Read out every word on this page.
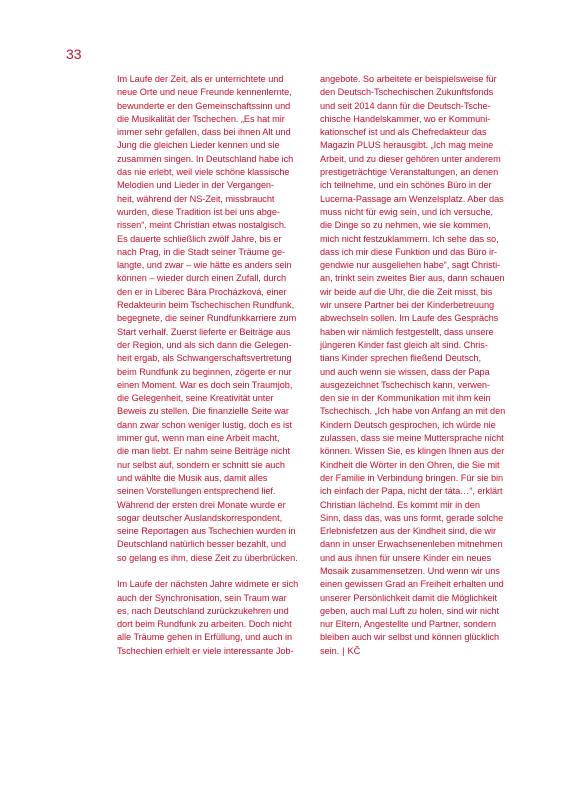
33

Im Laufe der Zeit, als er unterrichtete und

neue Orte und neue Freunde kennenlernte,

bewunderte er den Gemeinschaftssinn und

die Musikalität der Tschechen. „Es hat mir

immer sehr gefallen, dass bei ihnen Alt und

Jung die gleichen Lieder kennen und sie

zusammen singen. In Deutschland habe ich

das nie erlebt, weil viele schöne klassische

Melodien und Lieder in der Vergangen-

heit, während der NS-Zeit, missbraucht

wurden, diese Tradition ist bei uns abge-

rissen“, meint Christian etwas nostalgisch.

Es dauerte schließlich zwölf Jahre, bis er

nach Prag, in die Stadt seiner Träume ge-

langte, und zwar – wie hätte es anders sein

können – wieder durch einen Zufall, durch

den er in Liberec Bára Procházková, einer

Redakteurin beim Tschechischen Rundfunk,

begegnete, die seiner Rundfunkkarriere zum

Start verhalf. Zuerst lieferte er Beiträge aus

der Region, und als sich dann die Gelegen-

heit ergab, als Schwangerschaftsvertretung

beim Rundfunk zu beginnen, zögerte er nur

einen Moment. War es doch sein Traumjob,

die Gelegenheit, seine Kreativität unter

Beweis zu stellen. Die finanzielle Seite war

dann zwar schon weniger lustig, doch es ist

immer gut, wenn man eine Arbeit macht,

die man liebt. Er nahm seine Beiträge nicht

nur selbst auf, sondern er schnitt sie auch

und wählte die Musik aus, damit alles

seinen Vorstellungen entsprechend lief.

Während der ersten drei Monate wurde er

sogar deutscher Auslandskorrespondent,

seine Reportagen aus Tschechien wurden in

Deutschland natürlich besser bezahlt, und

so gelang es ihm, diese Zeit zu überbrücken.

Im Laufe der nächsten Jahre widmete er sich

auch der Synchronisation, sein Traum war

es, nach Deutschland zurückzukehren und

dort beim Rundfunk zu arbeiten. Doch nicht

alle Träume gehen in Erfüllung, und auch in

Tschechien erhielt er viele interessante Job-

angebote. So arbeitete er beispielsweise für

den Deutsch-Tschechischen Zukunftsfonds

und seit 2014 dann für die Deutsch-Tsche-

chische Handelskammer, wo er Kommuni-

kationschef ist und als Chefredakteur das

Magazin PLUS herausgibt. „Ich mag meine

Arbeit, und zu dieser gehören unter anderem

prestigeträchtige Veranstaltungen, an denen

ich teilnehme, und ein schönes Büro in der

Lucerna-Passage am Wenzelsplatz. Aber das

muss nicht für ewig sein, und ich versuche,

die Dinge so zu nehmen, wie sie kommen,

mich nicht festzuklammern. Ich sehe das so,

dass ich mir diese Funktion und das Büro ir-

gendwie nur ausgeliehen habe“, sagt Christi-

an, trinkt sein zweites Bier aus, dann schauen

wir beide auf die Uhr, die die Zeit misst, bis

wir unsere Partner bei der Kinderbetreuung

abwechseln sollen. Im Laufe des Gesprächs

haben wir nämlich festgestellt, dass unsere

jüngeren Kinder fast gleich alt sind. Chris-

tians Kinder sprechen fließend Deutsch,

und auch wenn sie wissen, dass der Papa

ausgezeichnet Tschechisch kann, verwen-

den sie in der Kommunikation mit ihm kein

Tschechisch. „Ich habe von Anfang an mit den

Kindern Deutsch gesprochen, ich würde nie

zulassen, dass sie meine Muttersprache nicht

können. Wissen Sie, es klingen Ihnen aus der

Kindheit die Wörter in den Ohren, die Sie mit

der Familie in Verbindung bringen. Für sie bin

ich einfach der Papa, nicht der táta…“, erklärt

Christian lächelnd. Es kommt mir in den

Sinn, dass das, was uns formt, gerade solche

Erlebnisfetzen aus der Kindheit sind, die wir

dann in unser Erwachsenenleben mitnehmen

und aus ihnen für unsere Kinder ein neues

Mosaik zusammensetzen. Und wenn wir uns

einen gewissen Grad an Freiheit erhalten und

unserer Persönlichkeit damit die Möglichkeit

geben, auch mal Luft zu holen, sind wir nicht

nur Eltern, Angestellte und Partner, sondern

bleiben auch wir selbst und können glücklich

sein. | KČ
